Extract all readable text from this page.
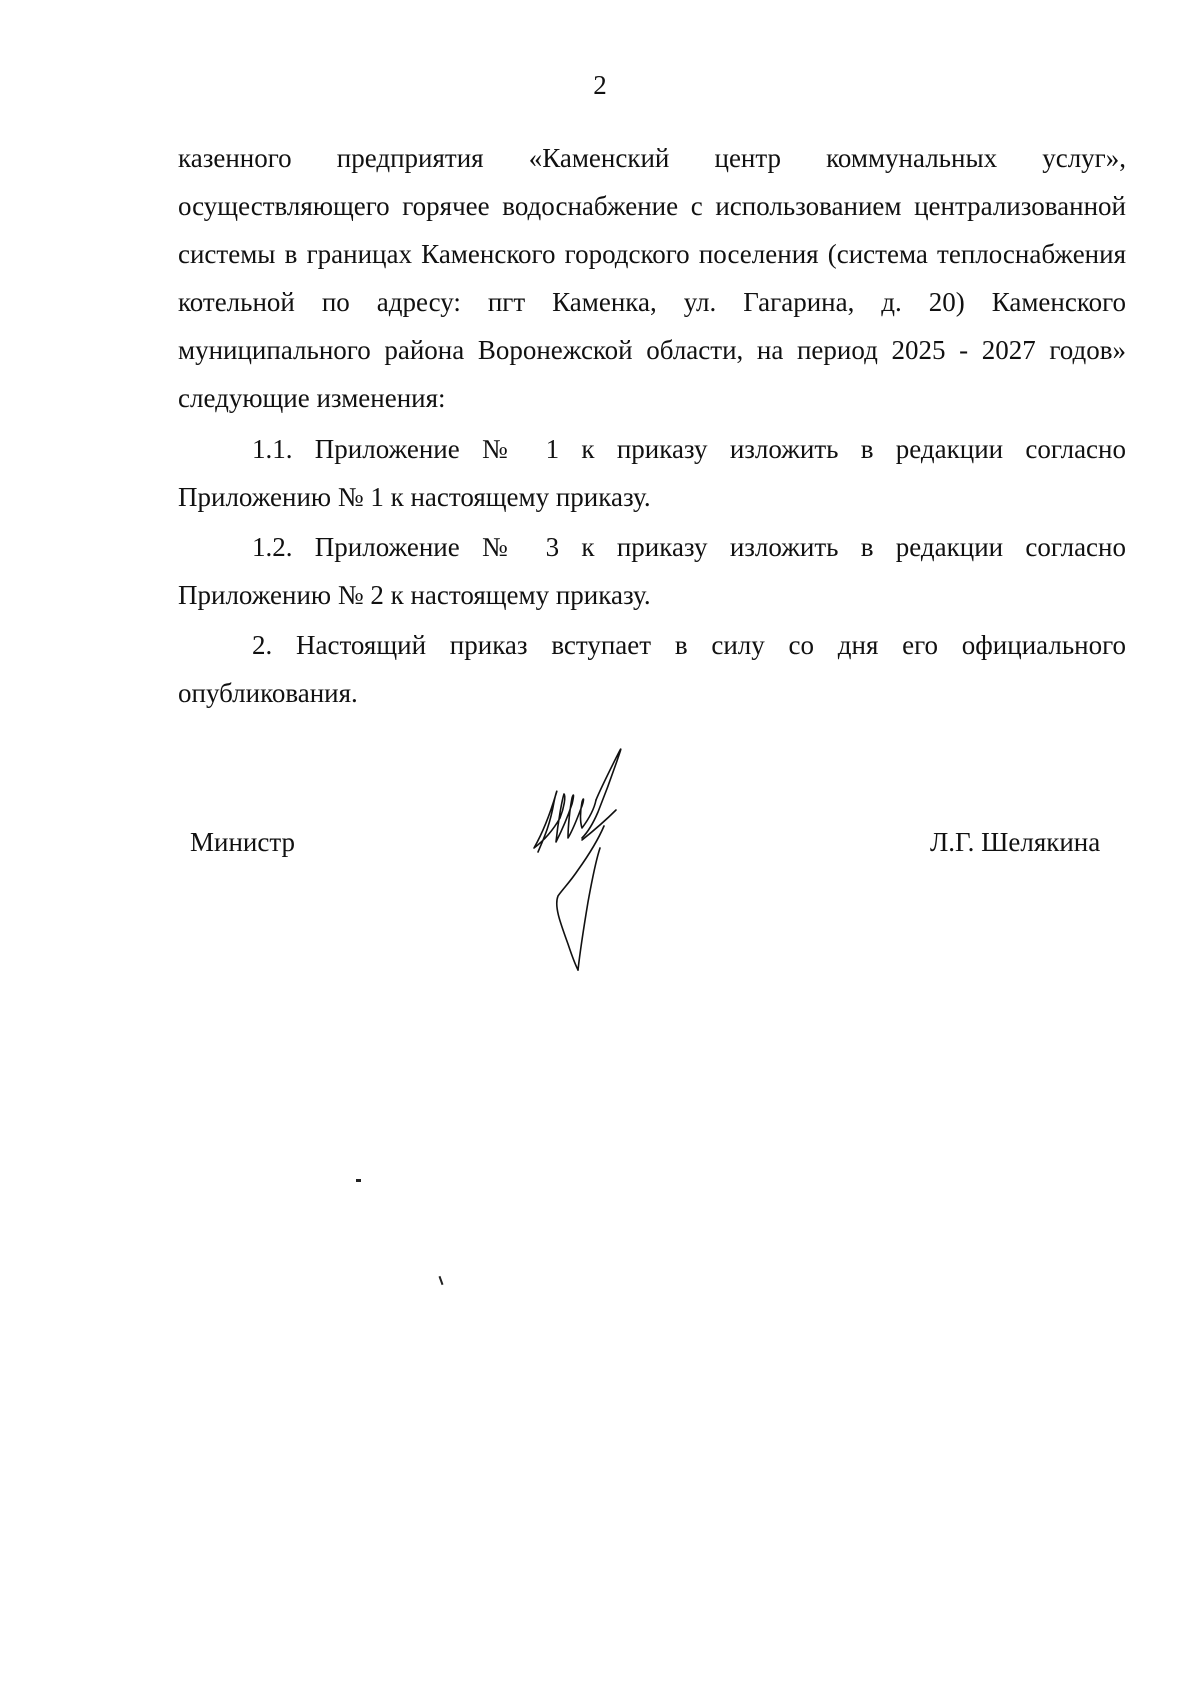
2

казенного предприятия «Каменский центр коммунальных услуг», осуществляющего горячее водоснабжение с использованием централизованной системы в границах Каменского городского поселения (система теплоснабжения котельной по адресу: пгт Каменка, ул. Гагарина, д. 20) Каменского муниципального района Воронежской области, на период 2025 - 2027 годов» следующие изменения:

1.1. Приложение № 1 к приказу изложить в редакции согласно Приложению № 1 к настоящему приказу.

1.2. Приложение № 3 к приказу изложить в редакции согласно Приложению № 2 к настоящему приказу.

2. Настоящий приказ вступает в силу со дня его официального опубликования.

Министр	Л.Г. Шелякина
